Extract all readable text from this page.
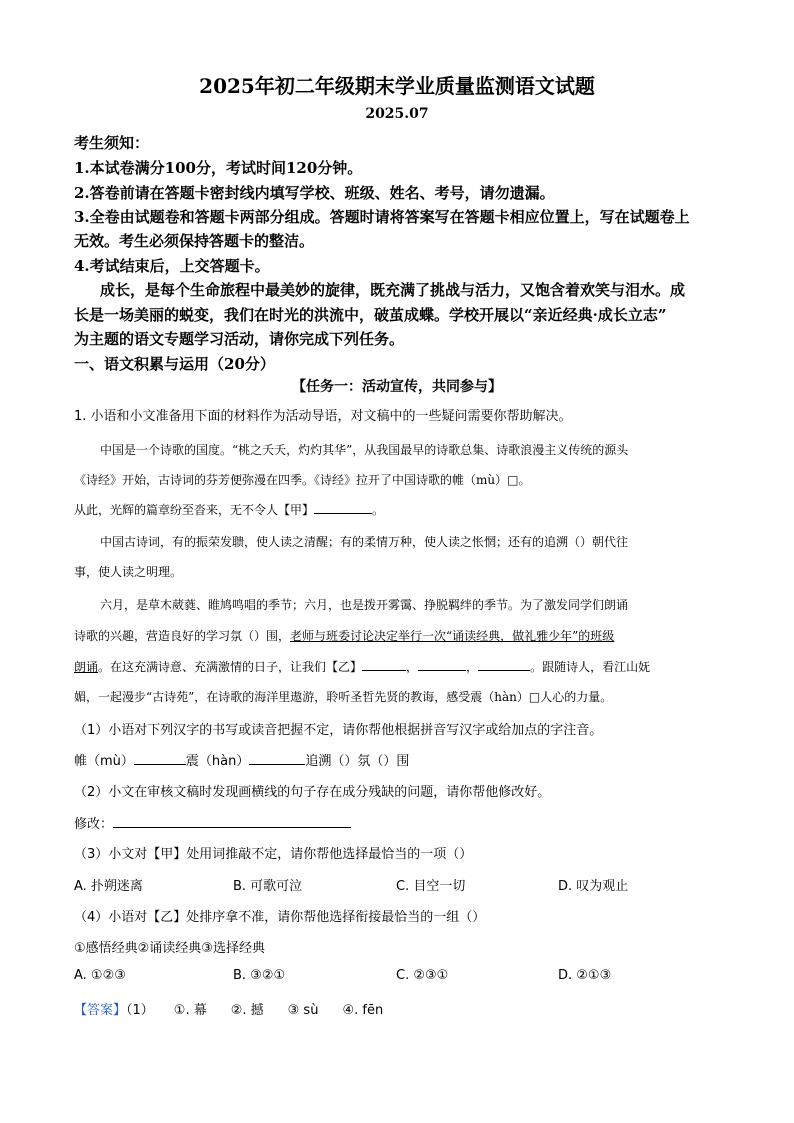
2025年初二年级期末学业质量监测语文试题
2025.07
考生须知：
1.本试卷满分100分，考试时间120分钟。
2.答卷前请在答题卡密封线内填写学校、班级、姓名、考号，请勿遗漏。
3.全卷由试题卷和答题卡两部分组成。答题时请将答案写在答题卡相应位置上，写在试题卷上
无效。考生必须保持答题卡的整洁。
4.考试结束后，上交答题卡。
成长，是每个生命旅程中最美妙的旋律，既充满了挑战与活力，又饱含着欢笑与泪水。成
长是一场美丽的蜕变，我们在时光的洪流中，破茧成蝶。学校开展以“亲近经典·成长立志”
为主题的语文专题学习活动，请你完成下列任务。
一、语文积累与运用（20分）
【任务一：活动宣传，共同参与】
1. 小语和小文准备用下面的材料作为活动导语，对文稿中的一些疑问需要你帮助解决。
中国是一个诗歌的国度。“桃之夭夭，灼灼其华”，从我国最早的诗歌总集、诗歌浪漫主义传统的源头
《诗经》开始，古诗词的芬芳便弥漫在四季。《诗经》拉开了中国诗歌的帷（mù）□。
从此，光辉的篇章纷至沓来，无不令人【甲】	。
中国古诗词，有的振荣发聩，使人读之清醒；有的柔情万种，使人读之怅惘；还有的追溯（）朝代往
事，使人读之明理。
六月，是草木葳蕤、睢鸠鸣唱的季节；六月，也是拨开雾霭、挣脱羁绊的季节。为了激发同学们朗诵
诗歌的兴趣，营造良好的学习氛（）围，老师与班委讨论决定举行一次“诵读经典，做礼雅少年”的班级
朗诵。在这充满诗意、充满激情的日子，让我们【乙】	，	，	。跟随诗人，看江山妩
媚，一起漫步“古诗苑”，在诗歌的海洋里遨游，聆听圣哲先贤的教诲，感受震（hàn）□人心的力量。
（1）小语对下列汉字的书写或读音把握不定，请你帮他根据拼音写汉字或给加点的字注音。
帷（mù）	震（hàn）	追溯（）氛（）围
（2）小文在审核文稿时发现画横线的句子存在成分残缺的问题，请你帮他修改好。
修改：
（3）小文对【甲】处用词推敲不定，请你帮他选择最恰当的一项（）
A. 扑朔迷离	B. 可歌可泣	C. 目空一切	D. 叹为观止
（4）小语对【乙】处排序拿不准，请你帮他选择衔接最恰当的一组（）
①感悟经典②诵读经典③选择经典
A. ①②③	B. ③②①	C. ②③①	D. ②①③
【答案】（1） ①. 幕 ②. 撼 ③ sù ④. fēn
